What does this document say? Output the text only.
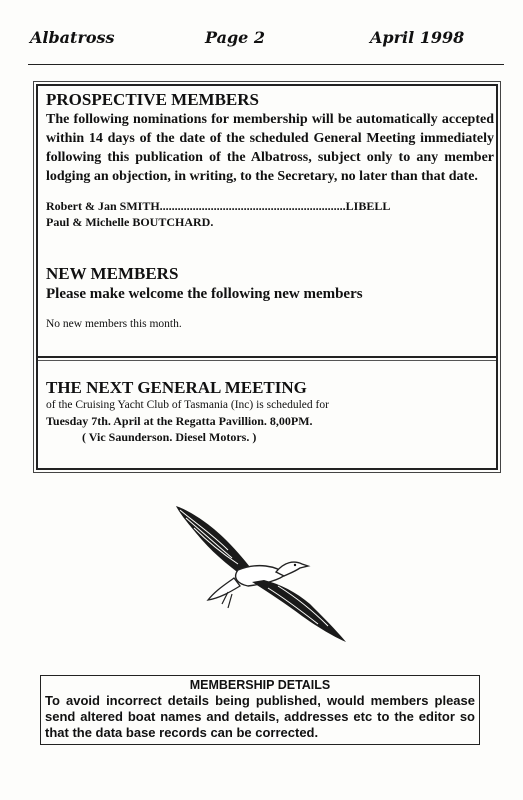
Albatross	Page 2	April 1998
PROSPECTIVE MEMBERS
The following nominations for membership will be automatically accepted within 14 days of the date of the scheduled General Meeting immediately following this publication of the Albatross, subject only to any member lodging an objection, in writing, to the Secretary, no later than that date.
Robert & Jan SMITH..............................................................LIBELL
Paul & Michelle BOUTCHARD.
NEW MEMBERS
Please make welcome the following new members
No new members this month.
THE NEXT GENERAL MEETING
of the Cruising Yacht Club of Tasmania (Inc) is scheduled for
Tuesday 7th. April at the Regatta Pavillion. 8,00PM.
( Vic Saunderson. Diesel Motors. )
MEMBERSHIP DETAILS
To avoid incorrect details being published, would members please send altered boat names and details, addresses etc to the editor so that the data base records can be corrected.
